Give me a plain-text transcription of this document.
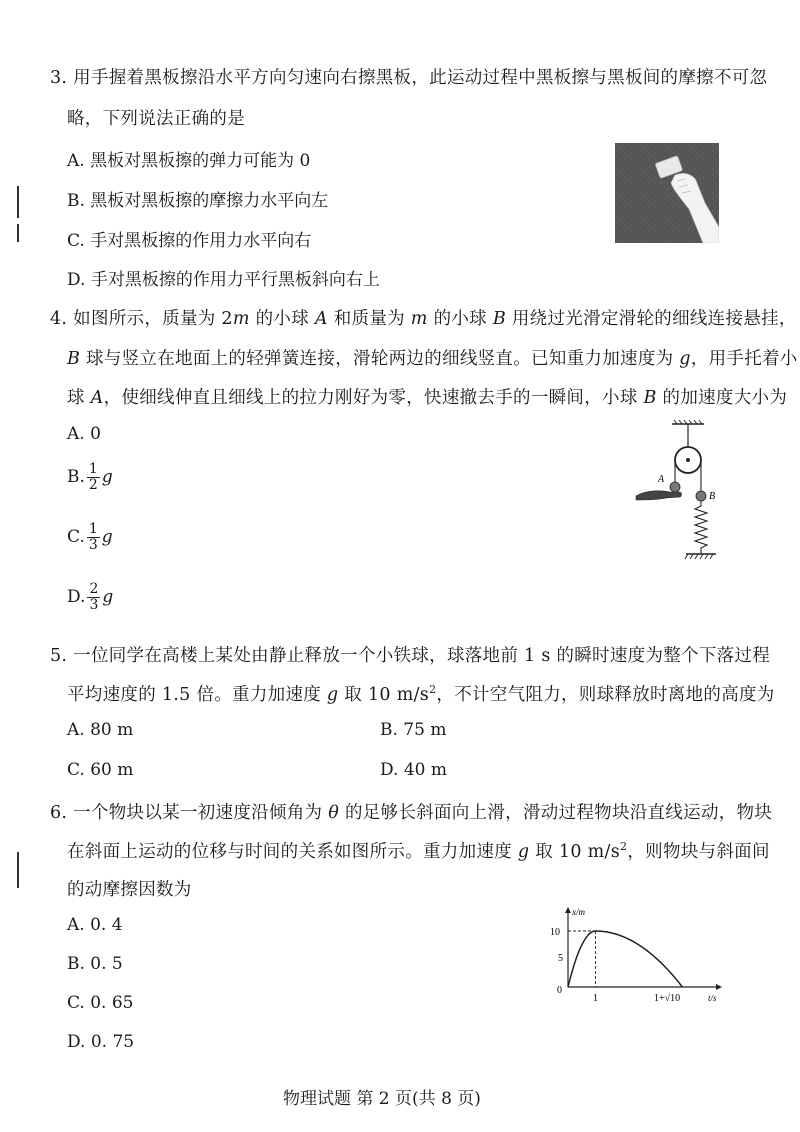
3. 用手握着黑板擦沿水平方向匀速向右擦黑板，此运动过程中黑板擦与黑板间的摩擦不可忽
略，下列说法正确的是
A. 黑板对黑板擦的弹力可能为 0
B. 黑板对黑板擦的摩擦力水平向左
C. 手对黑板擦的作用力水平向右
D. 手对黑板擦的作用力平行黑板斜向右上
4. 如图所示，质量为 2m 的小球 A 和质量为 m 的小球 B 用绕过光滑定滑轮的细线连接悬挂，
B 球与竖立在地面上的轻弹簧连接，滑轮两边的细线竖直。已知重力加速度为 g，用手托着小
球 A，使细线伸直且细线上的拉力刚好为零，快速撤去手的一瞬间，小球 B 的加速度大小为
A. 0
B. $\frac{1}{2}$ g
C. $\frac{1}{3}$ g
D. $\frac{2}{3}$ g
A
B
5. 一位同学在高楼上某处由静止释放一个小铁球，球落地前 1 s 的瞬时速度为整个下落过程
平均速度的 1.5 倍。重力加速度 g 取 10 $m/s^2$，不计空气阻力，则球释放时离地的高度为
A. 80 m	B. 75 m
C. 60 m	D. 40 m
6. 一个物块以某一初速度沿倾角为 θ 的足够长斜面向上滑，滑动过程物块沿直线运动，物块
在斜面上运动的位移与时间的关系如图所示。重力加速度 g 取 10 $m/s^2$，则物块与斜面间
的动摩擦因数为
A. 0. 4
B. 0. 5
C. 0. 65
D. 0. 75
x/m
t/s
0
5
10
1	1+√10
物理试题 第 2 页(共 8 页)
